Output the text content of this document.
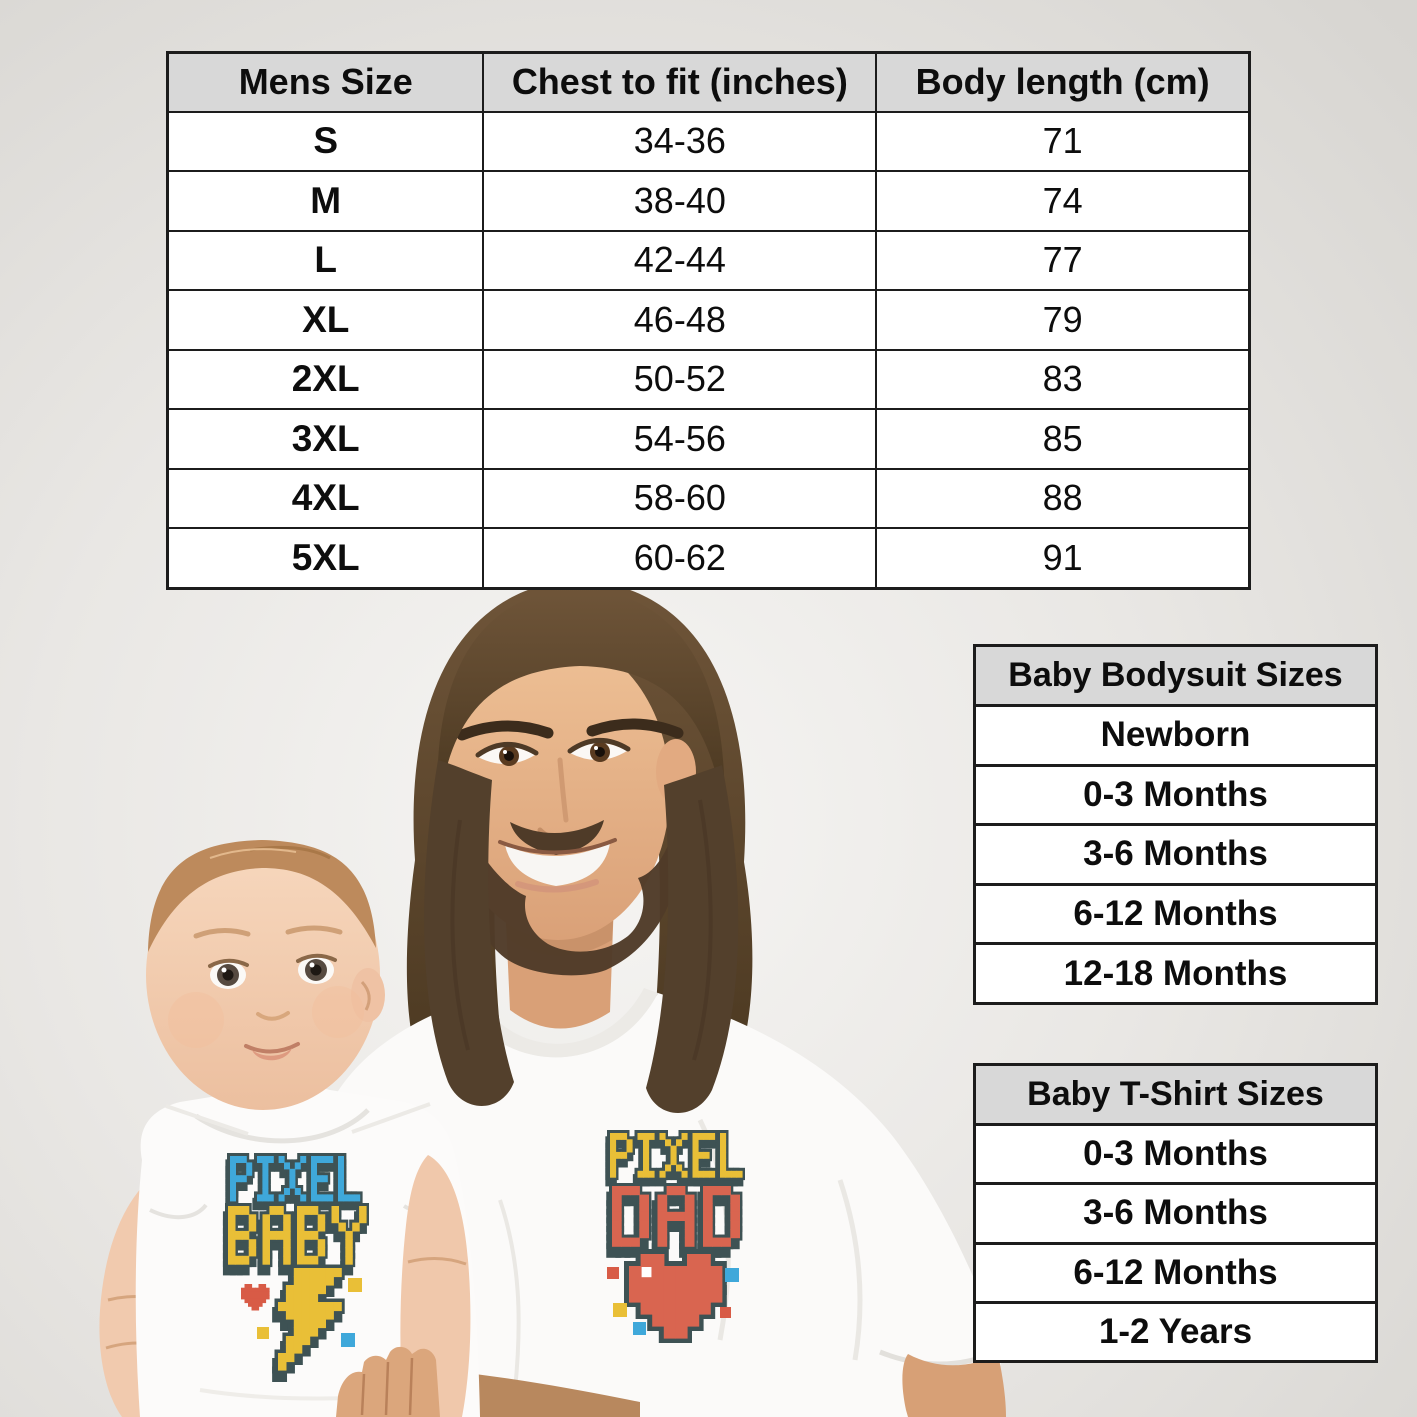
Mens Size	Chest to fit (inches)	Body length (cm)
S	34-36	71
M	38-40	74
L	42-44	77
XL	46-48	79
2XL	50-52	83
3XL	54-56	85
4XL	58-60	88
5XL	60-62	91
Baby Bodysuit Sizes
Newborn
0-3 Months
3-6 Months
6-12 Months
12-18 Months
Baby T-Shirt Sizes
0-3 Months
3-6 Months
6-12 Months
1-2 Years
